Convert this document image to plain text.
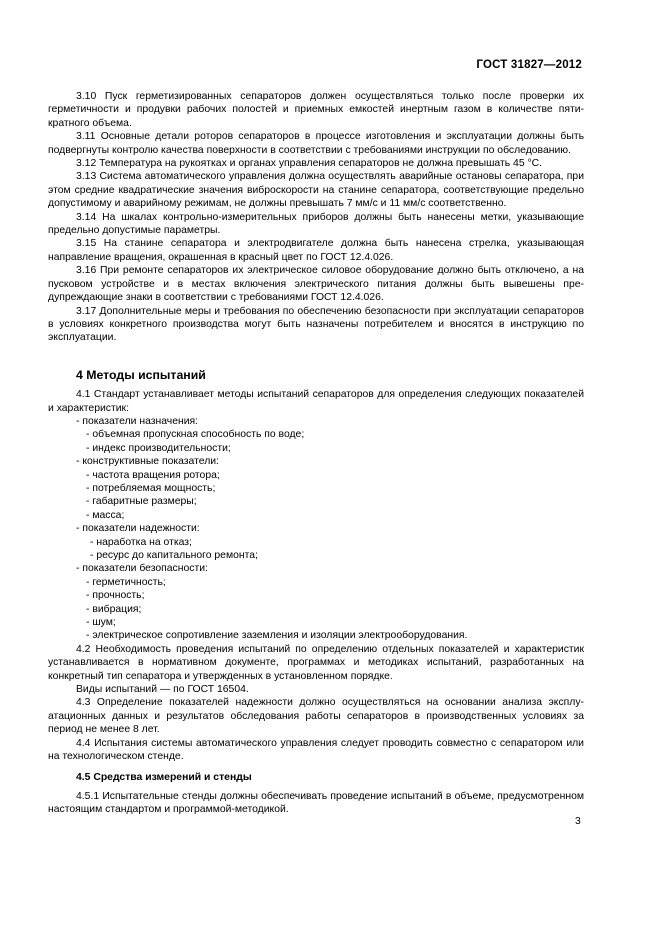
ГОСТ 31827—2012

3.10 Пуск герметизированных сепараторов должен осуществляться только после проверки их герметичности и продувки рабочих полостей и приемных емкостей инертным газом в количестве пятикратного объема.

3.11 Основные детали роторов сепараторов в процессе изготовления и эксплуатации должны быть подвергнуты контролю качества поверхности в соответствии с требованиями инструкции по обследованию.

3.12 Температура на рукоятках и органах управления сепараторов не должна превышать 45 °С.

3.13 Система автоматического управления должна осуществлять аварийные остановы сепаратора, при этом средние квадратические значения виброскорости на станине сепаратора, соответствующие предельно допустимому и аварийному режимам, не должны превышать 7 мм/с и 11 мм/с соответственно.

3.14 На шкалах контрольно-измерительных приборов должны быть нанесены метки, указывающие предельно допустимые параметры.

3.15 На станине сепаратора и электродвигателе должна быть нанесена стрелка, указывающая направление вращения, окрашенная в красный цвет по ГОСТ 12.4.026.

3.16 При ремонте сепараторов их электрическое силовое оборудование должно быть отключено, а на пусковом устройстве и в местах включения электрического питания должны быть вывешены предупреждающие знаки в соответствии с требованиями ГОСТ 12.4.026.

3.17 Дополнительные меры и требования по обеспечению безопасности при эксплуатации сепараторов в условиях конкретного производства могут быть назначены потребителем и вносятся в инструкцию по эксплуатации.

4 Методы испытаний

4.1 Стандарт устанавливает методы испытаний сепараторов для определения следующих показателей и характеристик:

- показатели назначения:

- объемная пропускная способность по воде;

- индекс производительности;

- конструктивные показатели:

- частота вращения ротора;

- потребляемая мощность;

- габаритные размеры;

- масса;

- показатели надежности:

- наработка на отказ;

- ресурс до капитального ремонта;

- показатели безопасности:

- герметичность;

- прочность;

- вибрация;

- шум;

- электрическое сопротивление заземления и изоляции электрооборудования.

4.2 Необходимость проведения испытаний по определению отдельных показателей и характеристик устанавливается в нормативном документе, программах и методиках испытаний, разработанных на конкретный тип сепаратора и утвержденных в установленном порядке.

Виды испытаний — по ГОСТ 16504.

4.3 Определение показателей надежности должно осуществляться на основании анализа эксплуатационных данных и результатов обследования работы сепараторов в производственных условиях за период не менее 8 лет.

4.4 Испытания системы автоматического управления следует проводить совместно с сепаратором или на технологическом стенде.

4.5 Средства измерений и стенды

4.5.1 Испытательные стенды должны обеспечивать проведение испытаний в объеме, предусмотренном настоящим стандартом и программой-методикой.

3
